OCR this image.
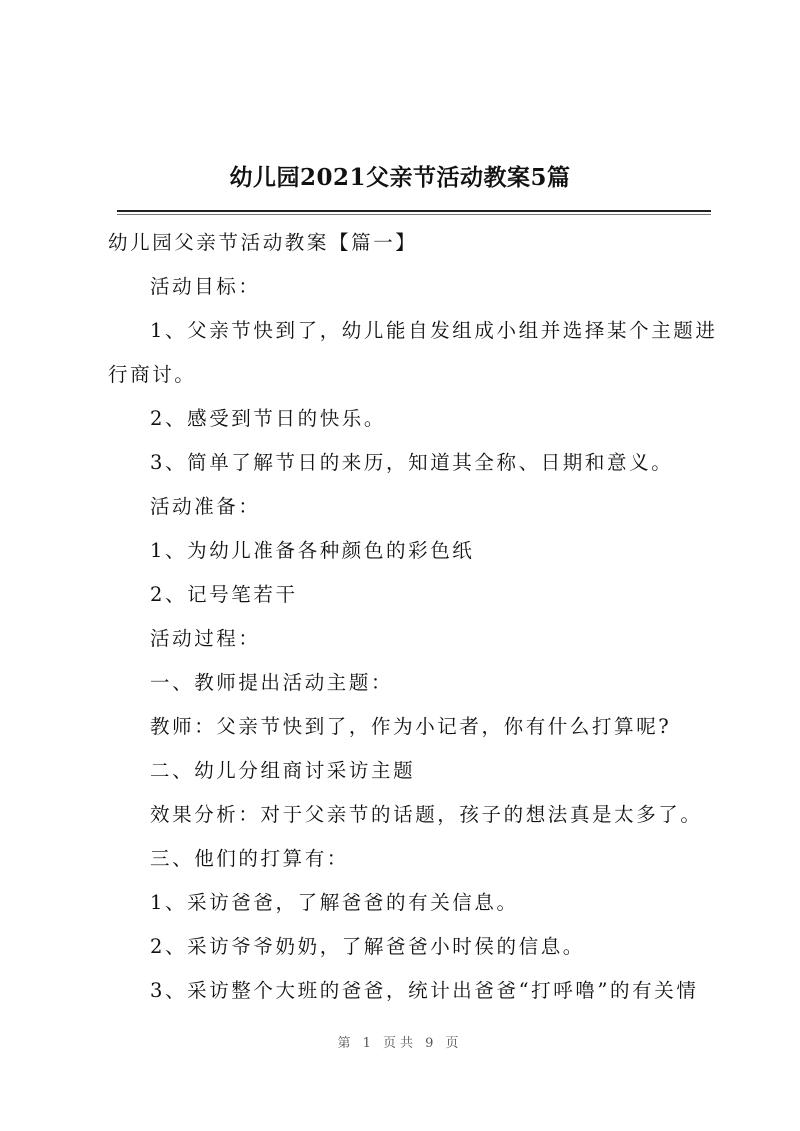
幼儿园2021父亲节活动教案5篇
幼儿园父亲节活动教案【篇一】
活动目标：
1、父亲节快到了，幼儿能自发组成小组并选择某个主题进
行商讨。
2、感受到节日的快乐。
3、简单了解节日的来历，知道其全称、日期和意义。
活动准备：
1、为幼儿准备各种颜色的彩色纸
2、记号笔若干
活动过程：
一、教师提出活动主题：
教师：父亲节快到了，作为小记者，你有什么打算呢?
二、幼儿分组商讨采访主题
效果分析：对于父亲节的话题，孩子的想法真是太多了。
三、他们的打算有：
1、采访爸爸，了解爸爸的有关信息。
2、采访爷爷奶奶，了解爸爸小时侯的信息。
3、采访整个大班的爸爸，统计出爸爸“打呼噜”的有关情
第 1 页共 9 页
